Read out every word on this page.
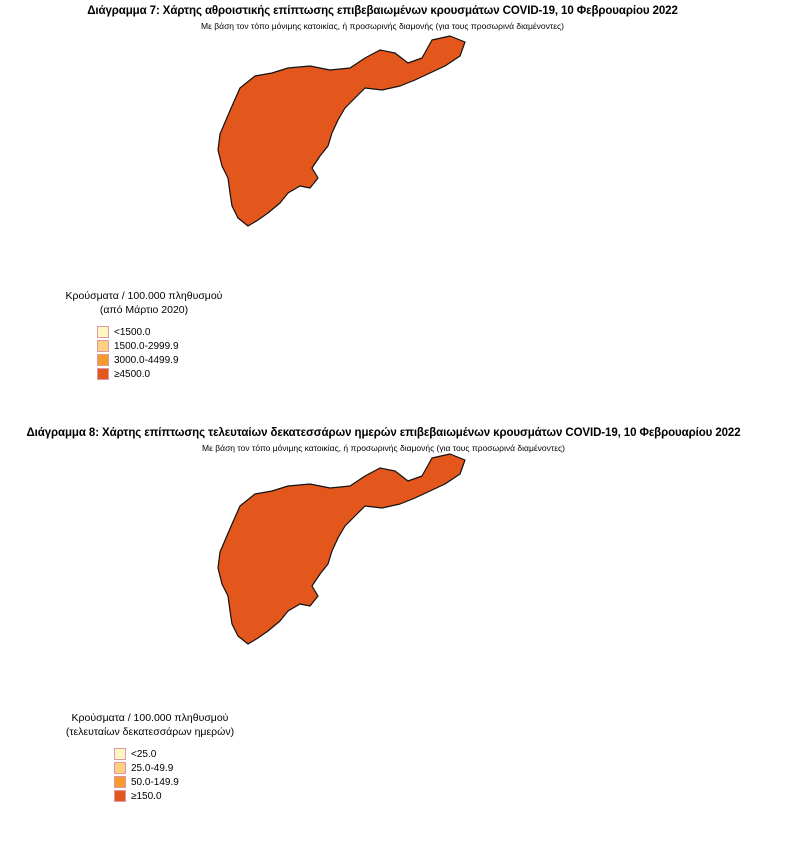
Διάγραμμα 7: Χάρτης αθροιστικής επίπτωσης επιβεβαιωμένων κρουσμάτων COVID-19, 10 Φεβρουαρίου 2022
Με βάση τον τόπο μόνιμης κατοικίας, ή προσωρινής διαμονής (για τους προσωρινά διαμένοντες)
Κρούσματα / 100.000 πληθυσμού
(από Μάρτιο 2020)
<1500.0
1500.0-2999.9
3000.0-4499.9
≥4500.0
Διάγραμμα 8: Χάρτης επίπτωσης τελευταίων δεκατεσσάρων ημερών επιβεβαιωμένων κρουσμάτων COVID-19, 10 Φεβρουαρίου 2022
Με βάση τον τόπο μόνιμης κατοικίας, ή προσωρινής διαμονής (για τους προσωρινά διαμένοντες)
Κρούσματα / 100.000 πληθυσμού
(τελευταίων δεκατεσσάρων ημερών)
<25.0
25.0-49.9
50.0-149.9
≥150.0
